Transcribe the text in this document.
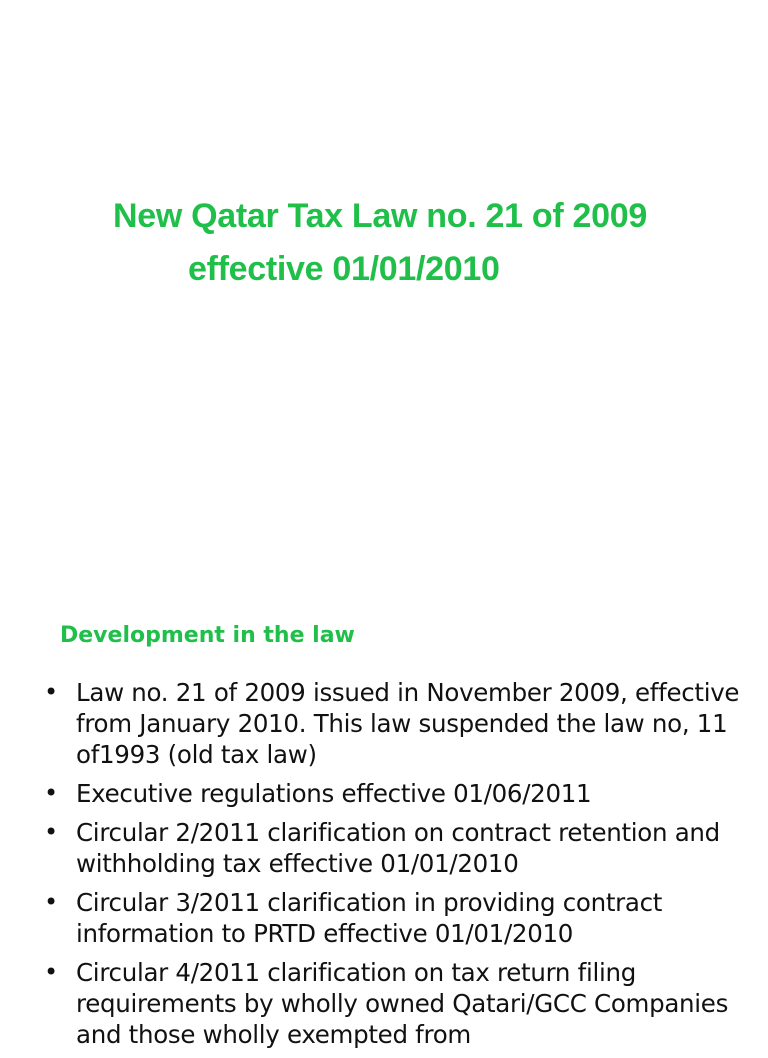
New Qatar Tax Law no. 21 of 2009
effective 01/01/2010
Development in the law
• Law no. 21 of 2009 issued in November 2009, effective from January 2010. This law suspended the law no, 11 of1993 (old tax law)
• Executive regulations effective 01/06/2011
• Circular 2/2011 clarification on contract retention and withholding tax effective 01/01/2010
• Circular 3/2011 clarification in providing contract information to PRTD effective 01/01/2010
• Circular 4/2011 clarification on tax return filing requirements by wholly owned Qatari/GCC Companies and those wholly exempted from
